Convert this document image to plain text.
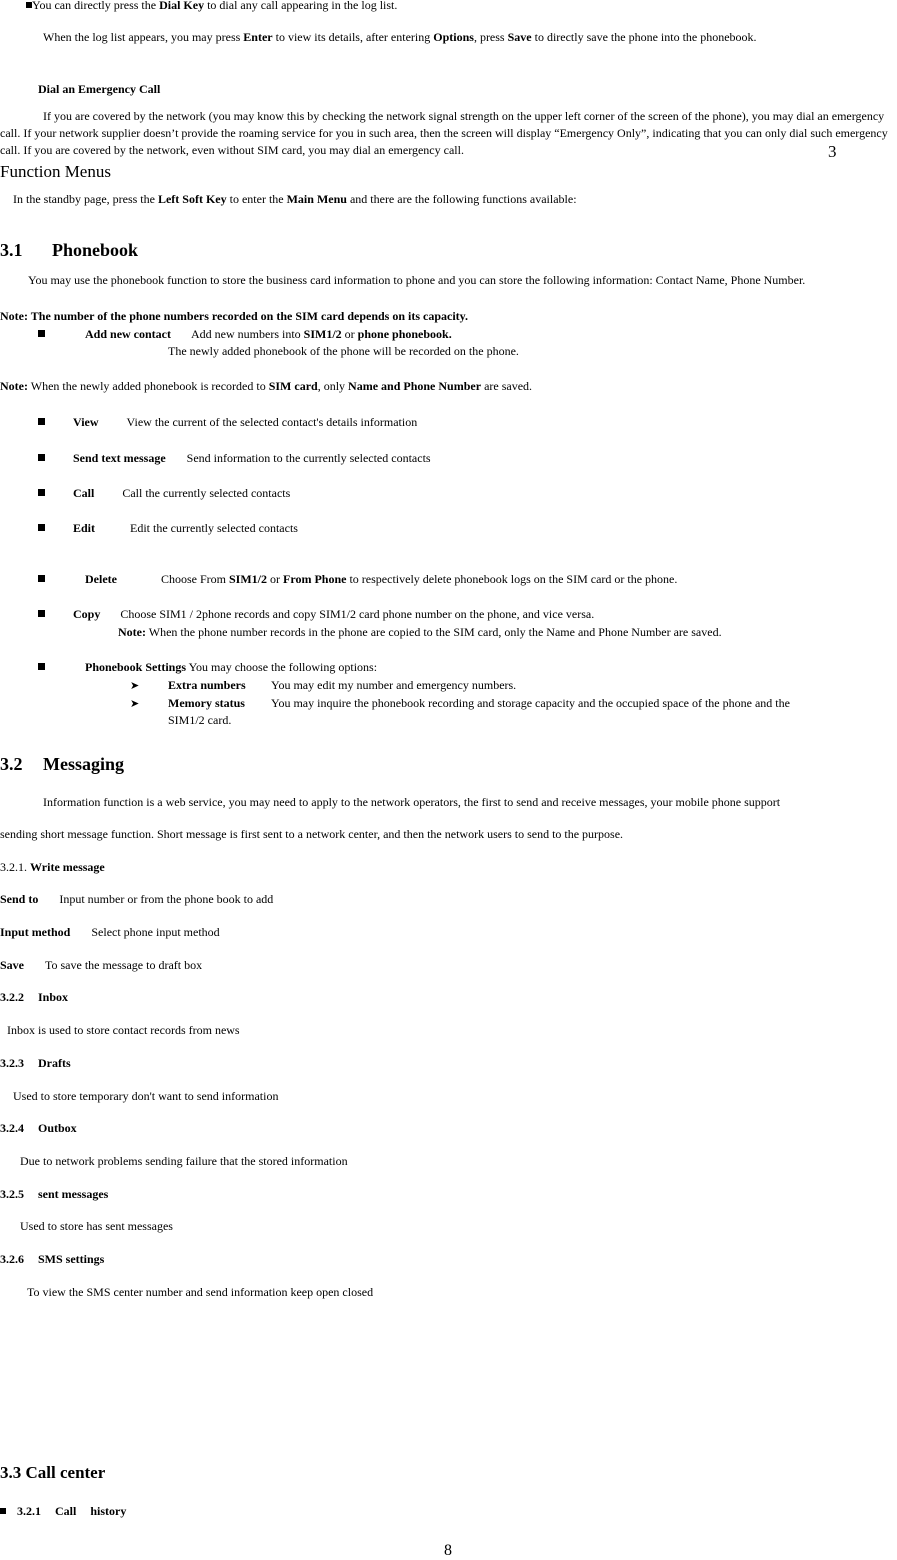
You can directly press the Dial Key to dial any call appearing in the log list.
When the log list appears, you may press Enter to view its details, after entering Options, press Save to directly save the phone into the phonebook.
Dial an Emergency Call
If you are covered by the network (you may know this by checking the network signal strength on the upper left corner of the screen of the phone), you may dial an emergency call. If your network supplier doesn’t provide the roaming service for you in such area, then the screen will display “Emergency Only”, indicating that you can only dial such emergency call. If you are covered by the network, even without SIM card, you may dial an emergency call.	3
Function Menus
In the standby page, press the Left Soft Key to enter the Main Menu and there are the following functions available:
3.1 Phonebook
You may use the phonebook function to store the business card information to phone and you can store the following information: Contact Name, Phone Number.
Note: The number of the phone numbers recorded on the SIM card depends on its capacity.
Add new contact Add new numbers into SIM1/2 or phone phonebook.
The newly added phonebook of the phone will be recorded on the phone.
Note: When the newly added phonebook is recorded to SIM card, only Name and Phone Number are saved.
View View the current of the selected contact's details information
Send text message Send information to the currently selected contacts
Call Call the currently selected contacts
Edit	Edit the currently selected contacts
Delete	Choose From SIM1/2 or From Phone to respectively delete phonebook logs on the SIM card or the phone.
Copy Choose SIM1 / 2phone records and copy SIM1/2 card phone number on the phone, and vice versa.
Note: When the phone number records in the phone are copied to the SIM card, only the Name and Phone Number are saved.
Phonebook Settings You may choose the following options:
➤ Extra numbers You may edit my number and emergency numbers.
➤ Memory status You may inquire the phonebook recording and storage capacity and the occupied space of the phone and the
SIM1/2 card.
3.2 Messaging
Information function is a web service, you may need to apply to the network operators, the first to send and receive messages, your mobile phone support
sending short message function. Short message is first sent to a network center, and then the network users to send to the purpose.
3.2.1. Write message
Send to Input number or from the phone book to add
Input method Select phone input method
Save To save the message to draft box
3.2.2 Inbox
Inbox is used to store contact records from news
3.2.3 Drafts
Used to store temporary don't want to send information
3.2.4 Outbox
Due to network problems sending failure that the stored information
3.2.5 sent messages
Used to store has sent messages
3.2.6 SMS settings
To view the SMS center number and send information keep open closed
3.3 Call center
3.2.1 Call history
8
